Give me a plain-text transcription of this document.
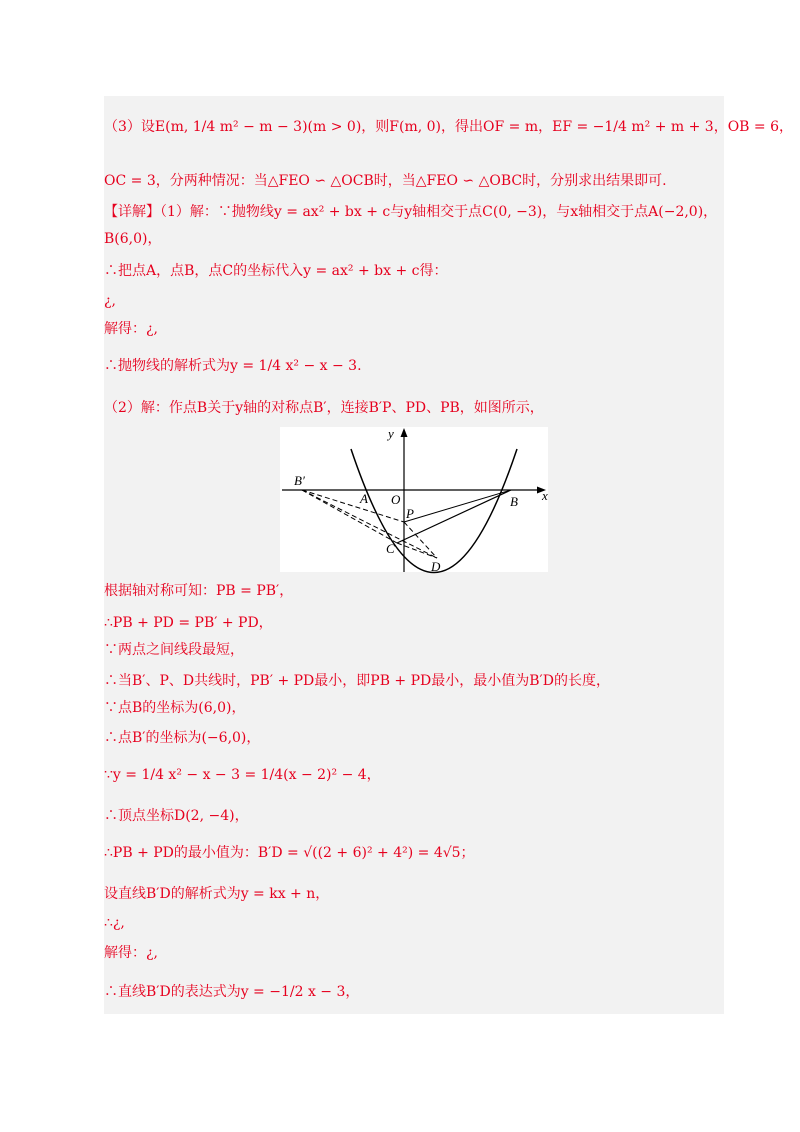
（3）设E(m, 1/4 m² − m − 3)(m > 0)，则F(m, 0)，得出OF = m，EF = −1/4 m² + m + 3，OB = 6，
OC = 3，分两种情况：当△FEO ∽ △OCB时，当△FEO ∽ △OBC时，分别求出结果即可.
【详解】（1）解：∵抛物线y = ax² + bx + c与y轴相交于点C(0, −3)，与x轴相交于点A(−2,0)，
B(6,0)，
∴把点A，点B，点C的坐标代入y = ax² + bx + c得：
¿,
解得：¿,
∴抛物线的解析式为y = 1/4 x² − x − 3.
（2）解：作点B关于y轴的对称点B′，连接B′P、PD、PB，如图所示，
根据轴对称可知：PB = PB′，
∴PB + PD = PB′ + PD，
∵两点之间线段最短，
∴当B′、P、D共线时，PB′ + PD最小，即PB + PD最小，最小值为B′D的长度，
∵点B的坐标为(6,0)，
∴点B′的坐标为(−6,0)，
∵y = 1/4 x² − x − 3 = 1/4(x − 2)² − 4，
∴顶点坐标D(2, −4)，
∴PB + PD的最小值为：B′D = √((2 + 6)² + 4²) = 4√5；
设直线B′D的解析式为y = kx + n，
∴¿,
解得：¿,
∴直线B′D的表达式为y = −1/2 x − 3，
y
x
B′
A O	B
P
C
D
